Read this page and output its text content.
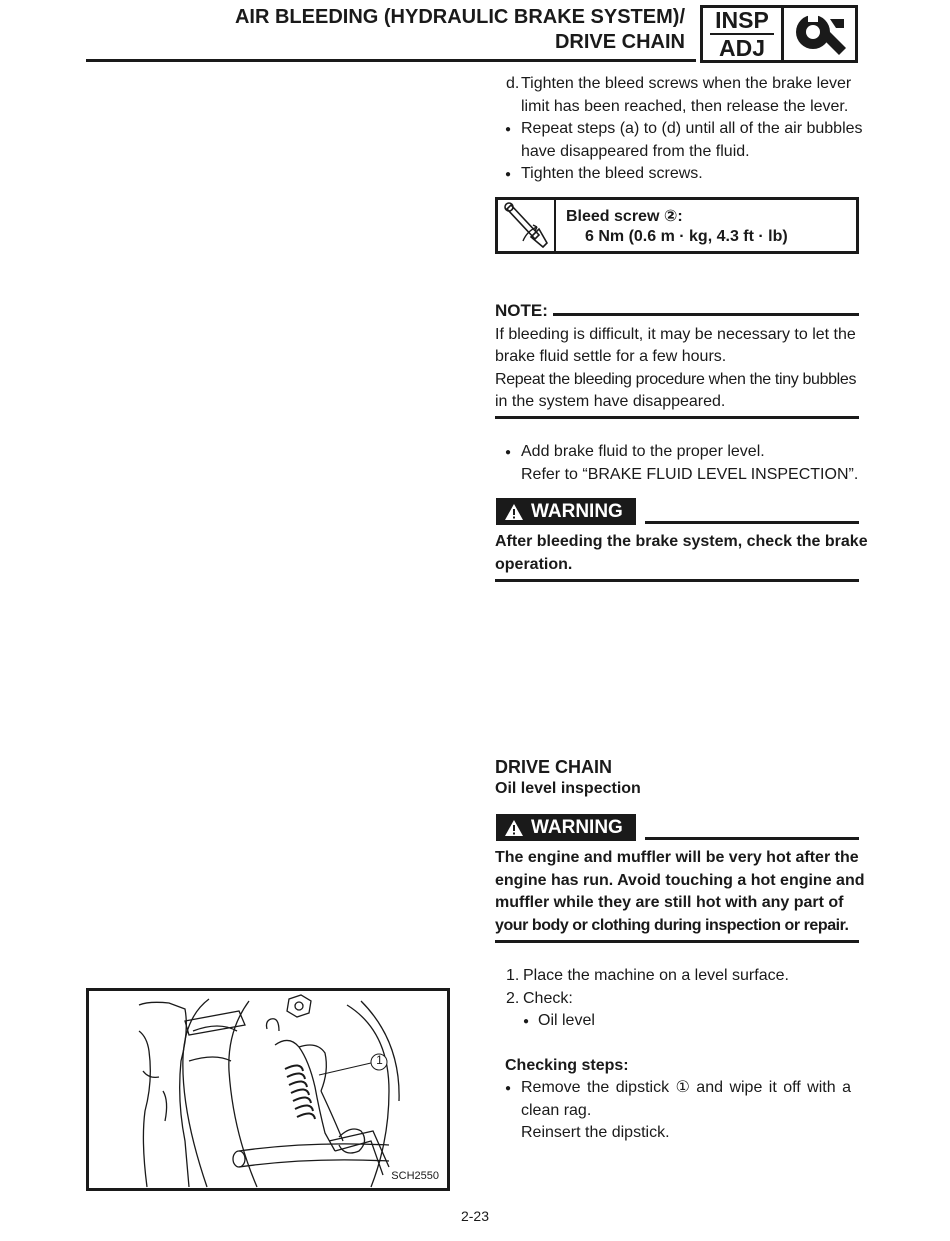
AIR BLEEDING (HYDRAULIC BRAKE SYSTEM)/
DRIVE CHAIN
INSP
ADJ
d. Tighten the bleed screws when the brake lever
limit has been reached, then release the lever.
● Repeat steps (a) to (d) until all of the air bubbles
have disappeared from the fluid.
● Tighten the bleed screws.
Bleed screw ②:
6 Nm (0.6 m · kg, 4.3 ft · lb)
NOTE:
If bleeding is difficult, it may be necessary to let the
brake fluid settle for a few hours.
Repeat the bleeding procedure when the tiny bubbles
in the system have disappeared.
● Add brake fluid to the proper level.
Refer to “BRAKE FLUID LEVEL INSPECTION”.
WARNING
After bleeding the brake system, check the brake
operation.
DRIVE CHAIN
Oil level inspection
WARNING
The engine and muffler will be very hot after the
engine has run. Avoid touching a hot engine and
muffler while they are still hot with any part of
your body or clothing during inspection or repair.
1. Place the machine on a level surface.
2. Check:
● Oil level
Checking steps:
● Remove the dipstick ① and wipe it off with a
clean rag.
Reinsert the dipstick.
1
SCH2550
2-23
